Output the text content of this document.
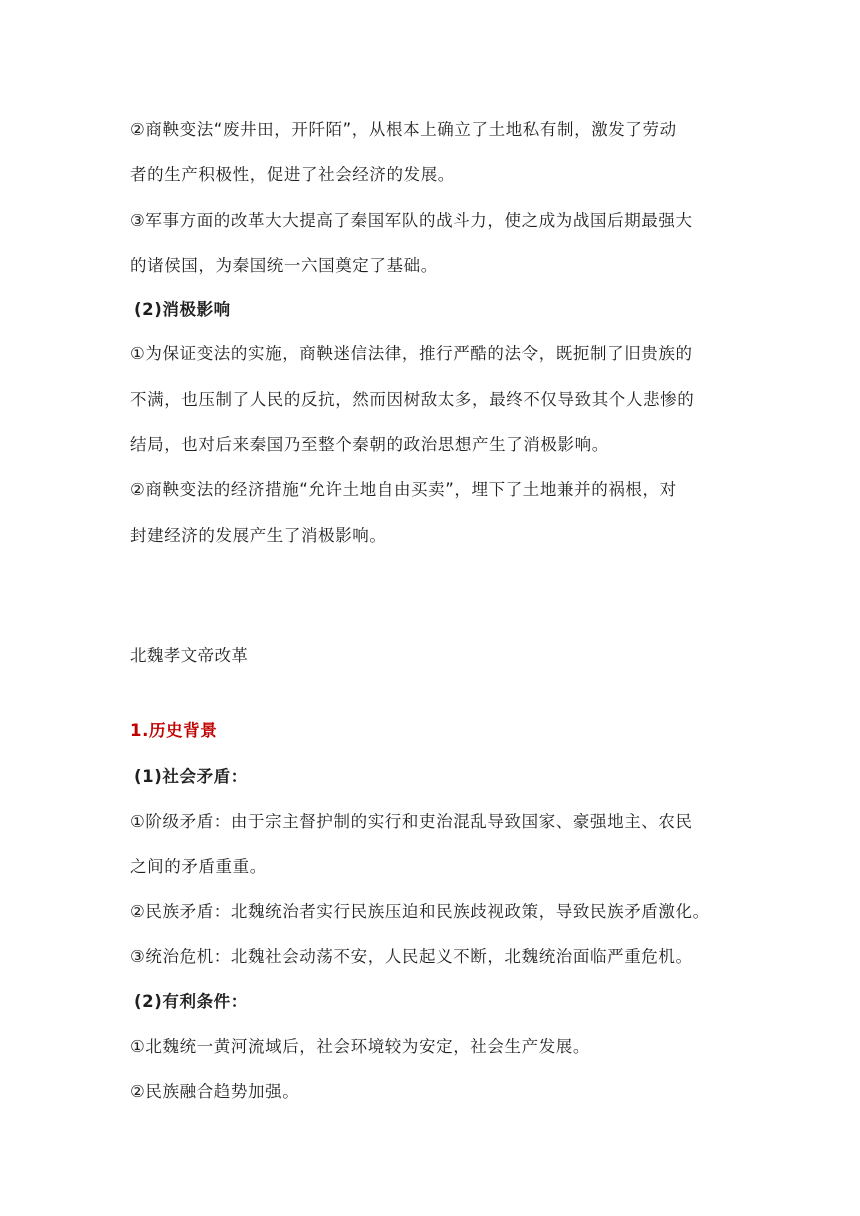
②商鞅变法“废井田，开阡陌”，从根本上确立了土地私有制，激发了劳动
者的生产积极性，促进了社会经济的发展。
③军事方面的改革大大提高了秦国军队的战斗力，使之成为战国后期最强大
的诸侯国，为秦国统一六国奠定了基础。
(2)消极影响
①为保证变法的实施，商鞅迷信法律，推行严酷的法令，既扼制了旧贵族的
不满，也压制了人民的反抗，然而因树敌太多，最终不仅导致其个人悲惨的
结局，也对后来秦国乃至整个秦朝的政治思想产生了消极影响。
②商鞅变法的经济措施“允许土地自由买卖”，埋下了土地兼并的祸根，对
封建经济的发展产生了消极影响。
北魏孝文帝改革
1.历史背景
(1)社会矛盾：
①阶级矛盾：由于宗主督护制的实行和吏治混乱导致国家、豪强地主、农民
之间的矛盾重重。
②民族矛盾：北魏统治者实行民族压迫和民族歧视政策，导致民族矛盾激化。
③统治危机：北魏社会动荡不安，人民起义不断，北魏统治面临严重危机。
(2)有利条件：
①北魏统一黄河流域后，社会环境较为安定，社会生产发展。
②民族融合趋势加强。
